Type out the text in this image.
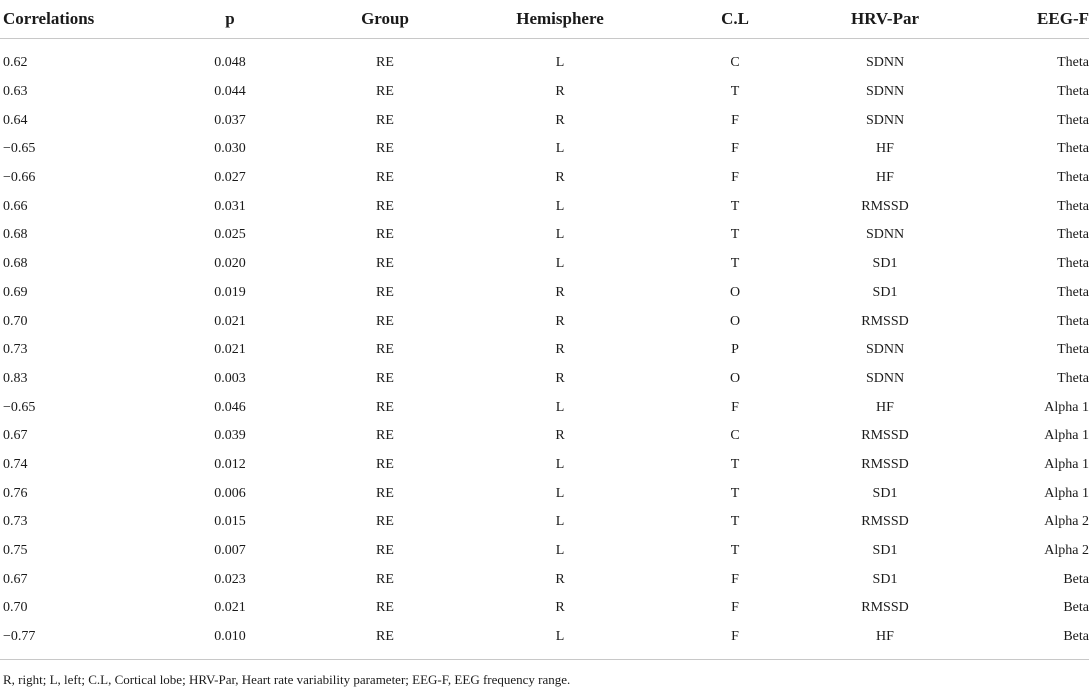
Correlations	p	Group	Hemisphere	C.L	HRV-Par	EEG-F
0.62	0.048	RE	L	C	SDNN	Theta
0.63	0.044	RE	R	T	SDNN	Theta
0.64	0.037	RE	R	F	SDNN	Theta
−0.65	0.030	RE	L	F	HF	Theta
−0.66	0.027	RE	R	F	HF	Theta
0.66	0.031	RE	L	T	RMSSD	Theta
0.68	0.025	RE	L	T	SDNN	Theta
0.68	0.020	RE	L	T	SD1	Theta
0.69	0.019	RE	R	O	SD1	Theta
0.70	0.021	RE	R	O	RMSSD	Theta
0.73	0.021	RE	R	P	SDNN	Theta
0.83	0.003	RE	R	O	SDNN	Theta
−0.65	0.046	RE	L	F	HF	Alpha 1
0.67	0.039	RE	R	C	RMSSD	Alpha 1
0.74	0.012	RE	L	T	RMSSD	Alpha 1
0.76	0.006	RE	L	T	SD1	Alpha 1
0.73	0.015	RE	L	T	RMSSD	Alpha 2
0.75	0.007	RE	L	T	SD1	Alpha 2
0.67	0.023	RE	R	F	SD1	Beta
0.70	0.021	RE	R	F	RMSSD	Beta
−0.77	0.010	RE	L	F	HF	Beta
R, right; L, left; C.L, Cortical lobe; HRV-Par, Heart rate variability parameter; EEG-F, EEG frequency range.
